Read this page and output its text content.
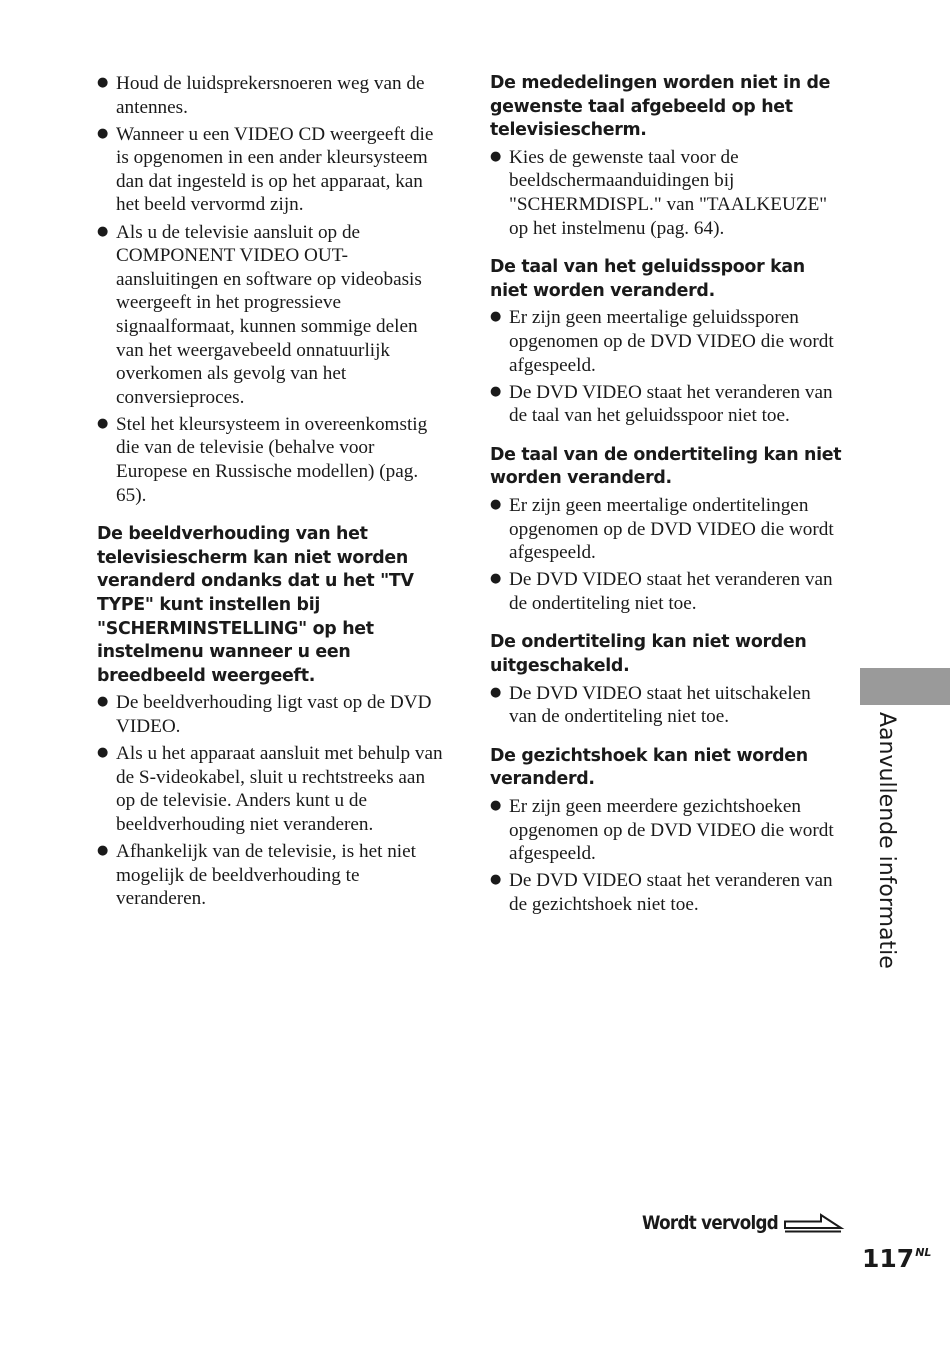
● Houd de luidsprekersnoeren weg van de antennes.
● Wanneer u een VIDEO CD weergeeft die is opgenomen in een ander kleursysteem dan dat ingesteld is op het apparaat, kan het beeld vervormd zijn.
● Als u de televisie aansluit op de COMPONENT VIDEO OUT-aansluitingen en software op videobasis weergeeft in het progressieve signaalformaat, kunnen sommige delen van het weergavebeeld onnatuurlijk overkomen als gevolg van het conversieproces.
● Stel het kleursysteem in overeenkomstig die van de televisie (behalve voor Europese en Russische modellen) (pag. 65).
De beeldverhouding van het televisiescherm kan niet worden veranderd ondanks dat u het "TV TYPE" kunt instellen bij "SCHERMINSTELLING" op het instelmenu wanneer u een breedbeeld weergeeft.
● De beeldverhouding ligt vast op de DVD VIDEO.
● Als u het apparaat aansluit met behulp van de S-videokabel, sluit u rechtstreeks aan op de televisie. Anders kunt u de beeldverhouding niet veranderen.
● Afhankelijk van de televisie, is het niet mogelijk de beeldverhouding te veranderen.
De mededelingen worden niet in de gewenste taal afgebeeld op het televisiescherm.
● Kies de gewenste taal voor de beeldschermaanduidingen bij "SCHERMDISPL." van "TAALKEUZE" op het instelmenu (pag. 64).
De taal van het geluidsspoor kan niet worden veranderd.
● Er zijn geen meertalige geluidssporen opgenomen op de DVD VIDEO die wordt afgespeeld.
● De DVD VIDEO staat het veranderen van de taal van het geluidsspoor niet toe.
De taal van de ondertiteling kan niet worden veranderd.
● Er zijn geen meertalige ondertitelingen opgenomen op de DVD VIDEO die wordt afgespeeld.
● De DVD VIDEO staat het veranderen van de ondertiteling niet toe.
De ondertiteling kan niet worden uitgeschakeld.
● De DVD VIDEO staat het uitschakelen van de ondertiteling niet toe.
De gezichtshoek kan niet worden veranderd.
● Er zijn geen meerdere gezichtshoeken opgenomen op de DVD VIDEO die wordt afgespeeld.
● De DVD VIDEO staat het veranderen van de gezichtshoek niet toe.	Aanvullende informatie
Wordt vervolgd
$117^{NL}$
